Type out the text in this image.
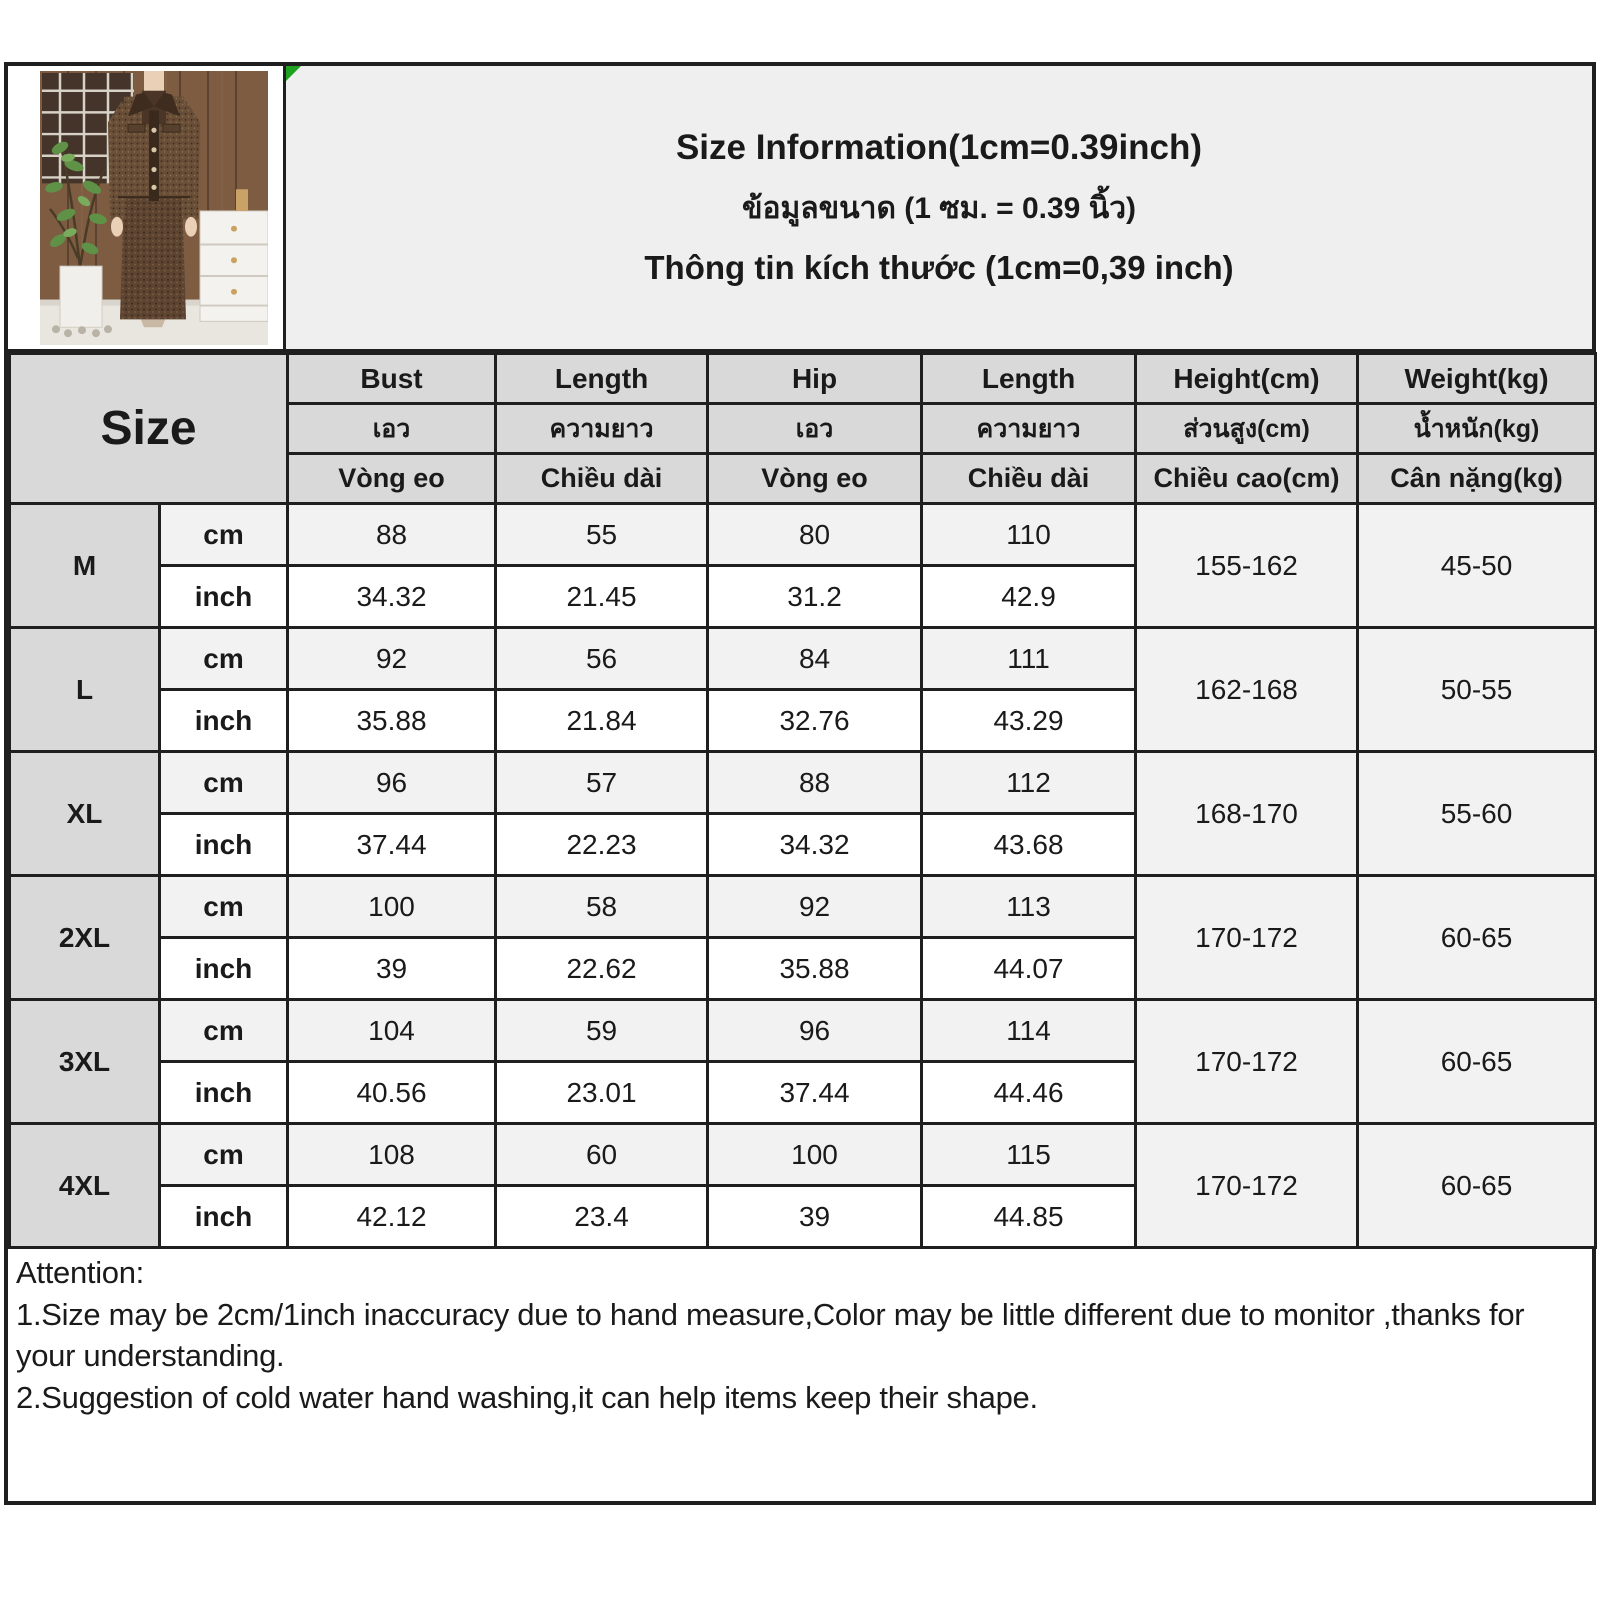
Size Information(1cm=0.39inch)
ข้อมูลขนาด (1 ซม. = 0.39 นิ้ว)
Thông tin kích thước (1cm=0,39 inch)
Size		Bust	Length	Hip	Length	Height(cm)	Weight(kg)
		เอว	ความยาว	เอว	ความยาว	ส่วนสูง(cm)	น้ำหนัก(kg)
		Vòng eo	Chiều dài	Vòng eo	Chiều dài	Chiều cao(cm)	Cân nặng(kg)
M	cm	88	55	80	110	155-162	45-50
	inch	34.32	21.45	31.2	42.9		
L	cm	92	56	84	111	162-168	50-55
	inch	35.88	21.84	32.76	43.29		
XL	cm	96	57	88	112	168-170	55-60
	inch	37.44	22.23	34.32	43.68		
2XL	cm	100	58	92	113	170-172	60-65
	inch	39	22.62	35.88	44.07		
3XL	cm	104	59	96	114	170-172	60-65
	inch	40.56	23.01	37.44	44.46		
4XL	cm	108	60	100	115	170-172	60-65
	inch	42.12	23.4	39	44.85		
Attention:
1.Size may be 2cm/1inch inaccuracy due to hand measure,Color may be little different due to monitor ,thanks for your understanding.
2.Suggestion of cold water hand washing,it can help items keep their shape.
